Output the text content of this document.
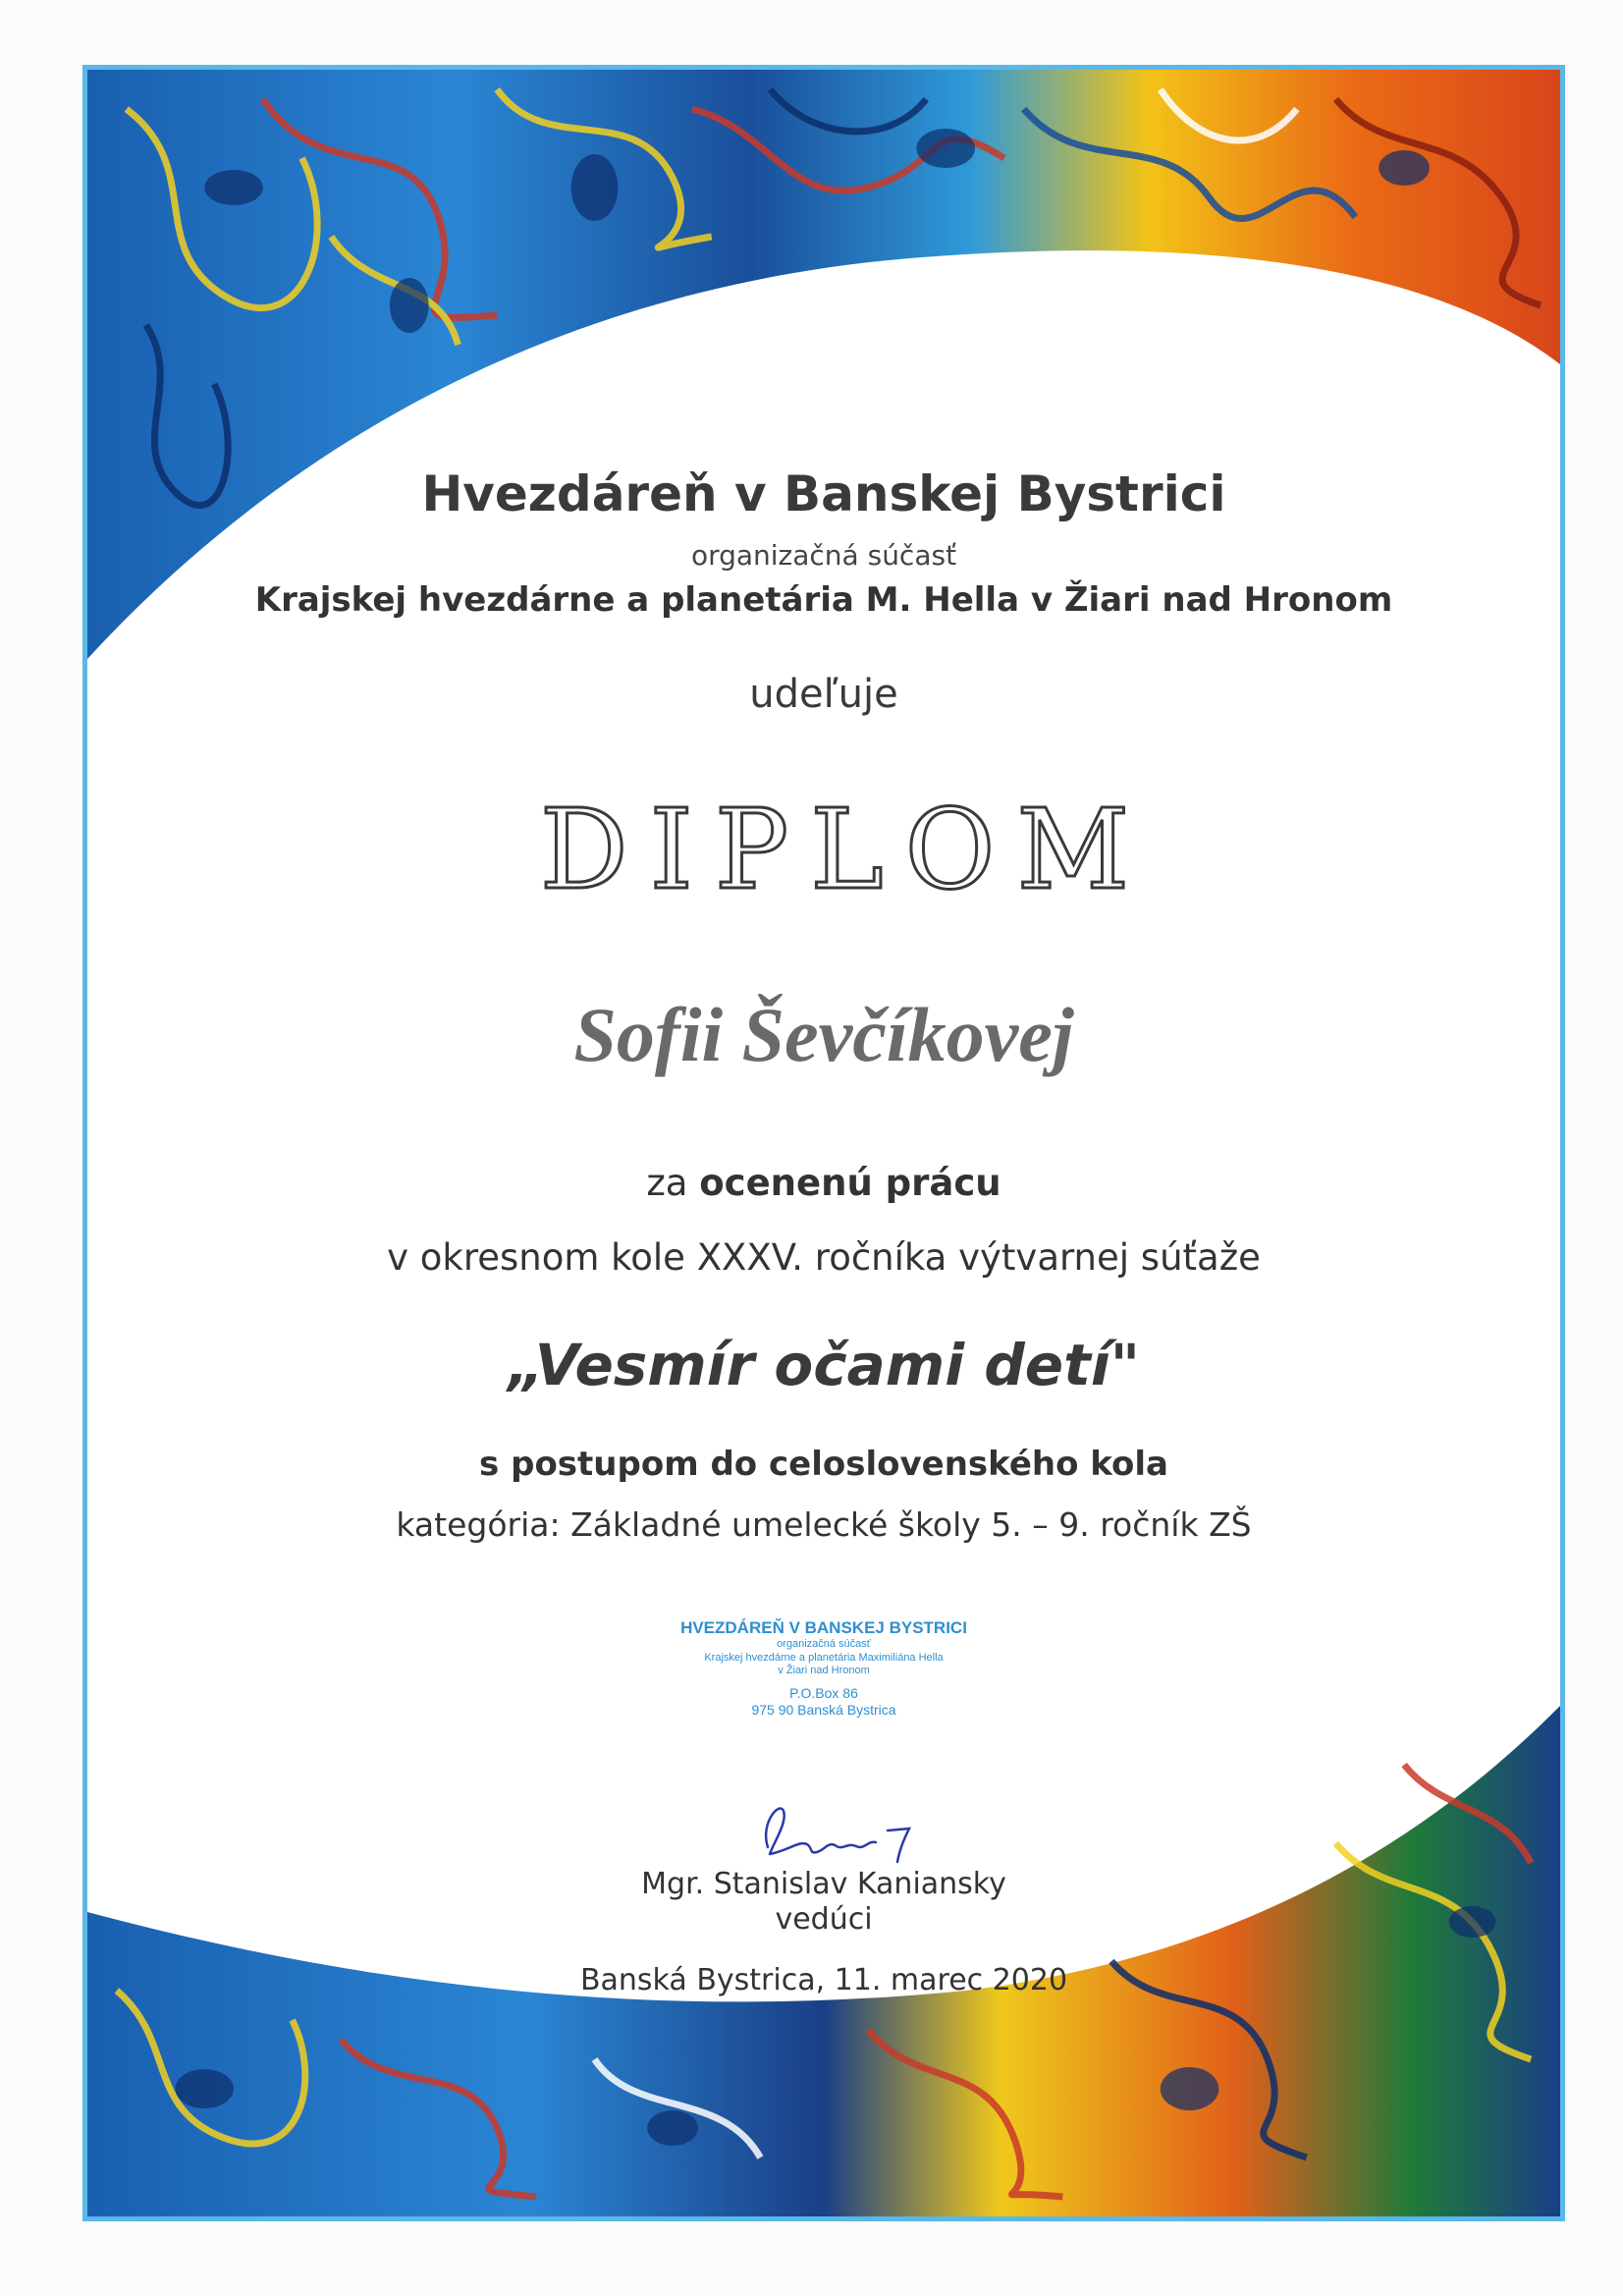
Hvezdáreň v Banskej Bystrici
organizačná súčasť
Krajskej hvezdárne a planetária M. Hella v Žiari nad Hronom
udeľuje
DIPLOM
Sofii Ševčíkovej
za ocenenú prácu
v okresnom kole XXXV. ročníka výtvarnej súťaže
„Vesmír očami detí"
s postupom do celoslovenského kola
kategória: Základné umelecké školy 5. – 9. ročník ZŠ
HVEZDÁREŇ V BANSKEJ BYSTRICI
organizačná súčasť
Krajskej hvezdárne a planetária Maximiliána Hella
v Žiari nad Hronom
P.O.Box 86
975 90 Banská Bystrica
Mgr. Stanislav Kaniansky
vedúci
Banská Bystrica, 11. marec 2020
